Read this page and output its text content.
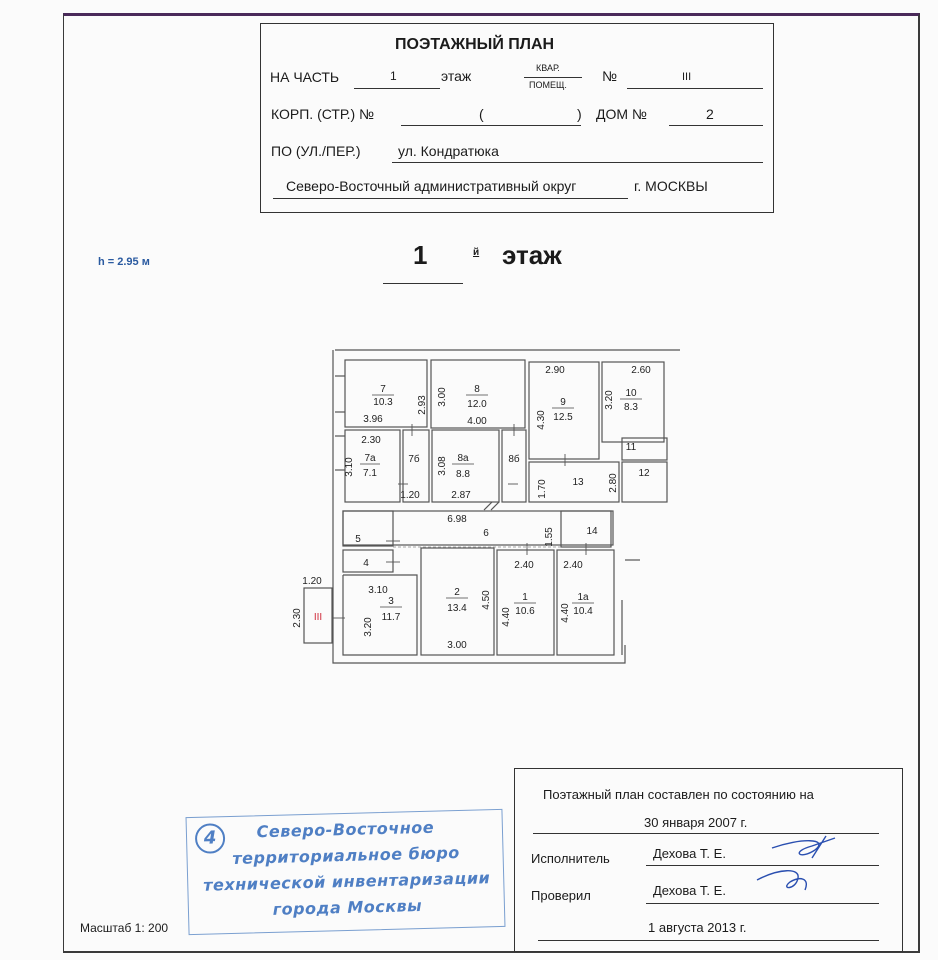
ПОЭТАЖНЫЙ ПЛАН
НА ЧАСТЬ	1	этаж	КВАР.
ПОМЕЩ.
№	III
КОРП. (СТР.) №	(	) ДОМ №	2
ПО (УЛ./ПЕР.)	ул. Кондратюка
Северо-Восточный административный округ	г. МОСКВЫ
h = 2.95 м	1	й этаж
7
10.3
3.96
2.93
8
12.0
4.00
3.00
2.90
9
12.5
4.30
2.60
10
8.3
3.20
2.30
7а
7.1
3.10	7б
1.20
8а
8.8
2.87
3.08	8б
13
1.70	2.80
11
12
6.98
6	1.55
5
4
14
3.10
3
11.7
3.20
2
13.4
3.00
4.50
2.40
1
10.6
4.40
2.40
1а
10.4
4.40
1.20
2.30 III
Поэтажный план составлен по состоянию на
30 января 2007 г.
Исполнитель	Дехова Т. Е.
Проверил	Дехова Т. Е.
1 августа 2013 г.
4	Северо-Восточное
территориальное бюро
технической инвентаризации
города Москвы
Масштаб 1: 200
